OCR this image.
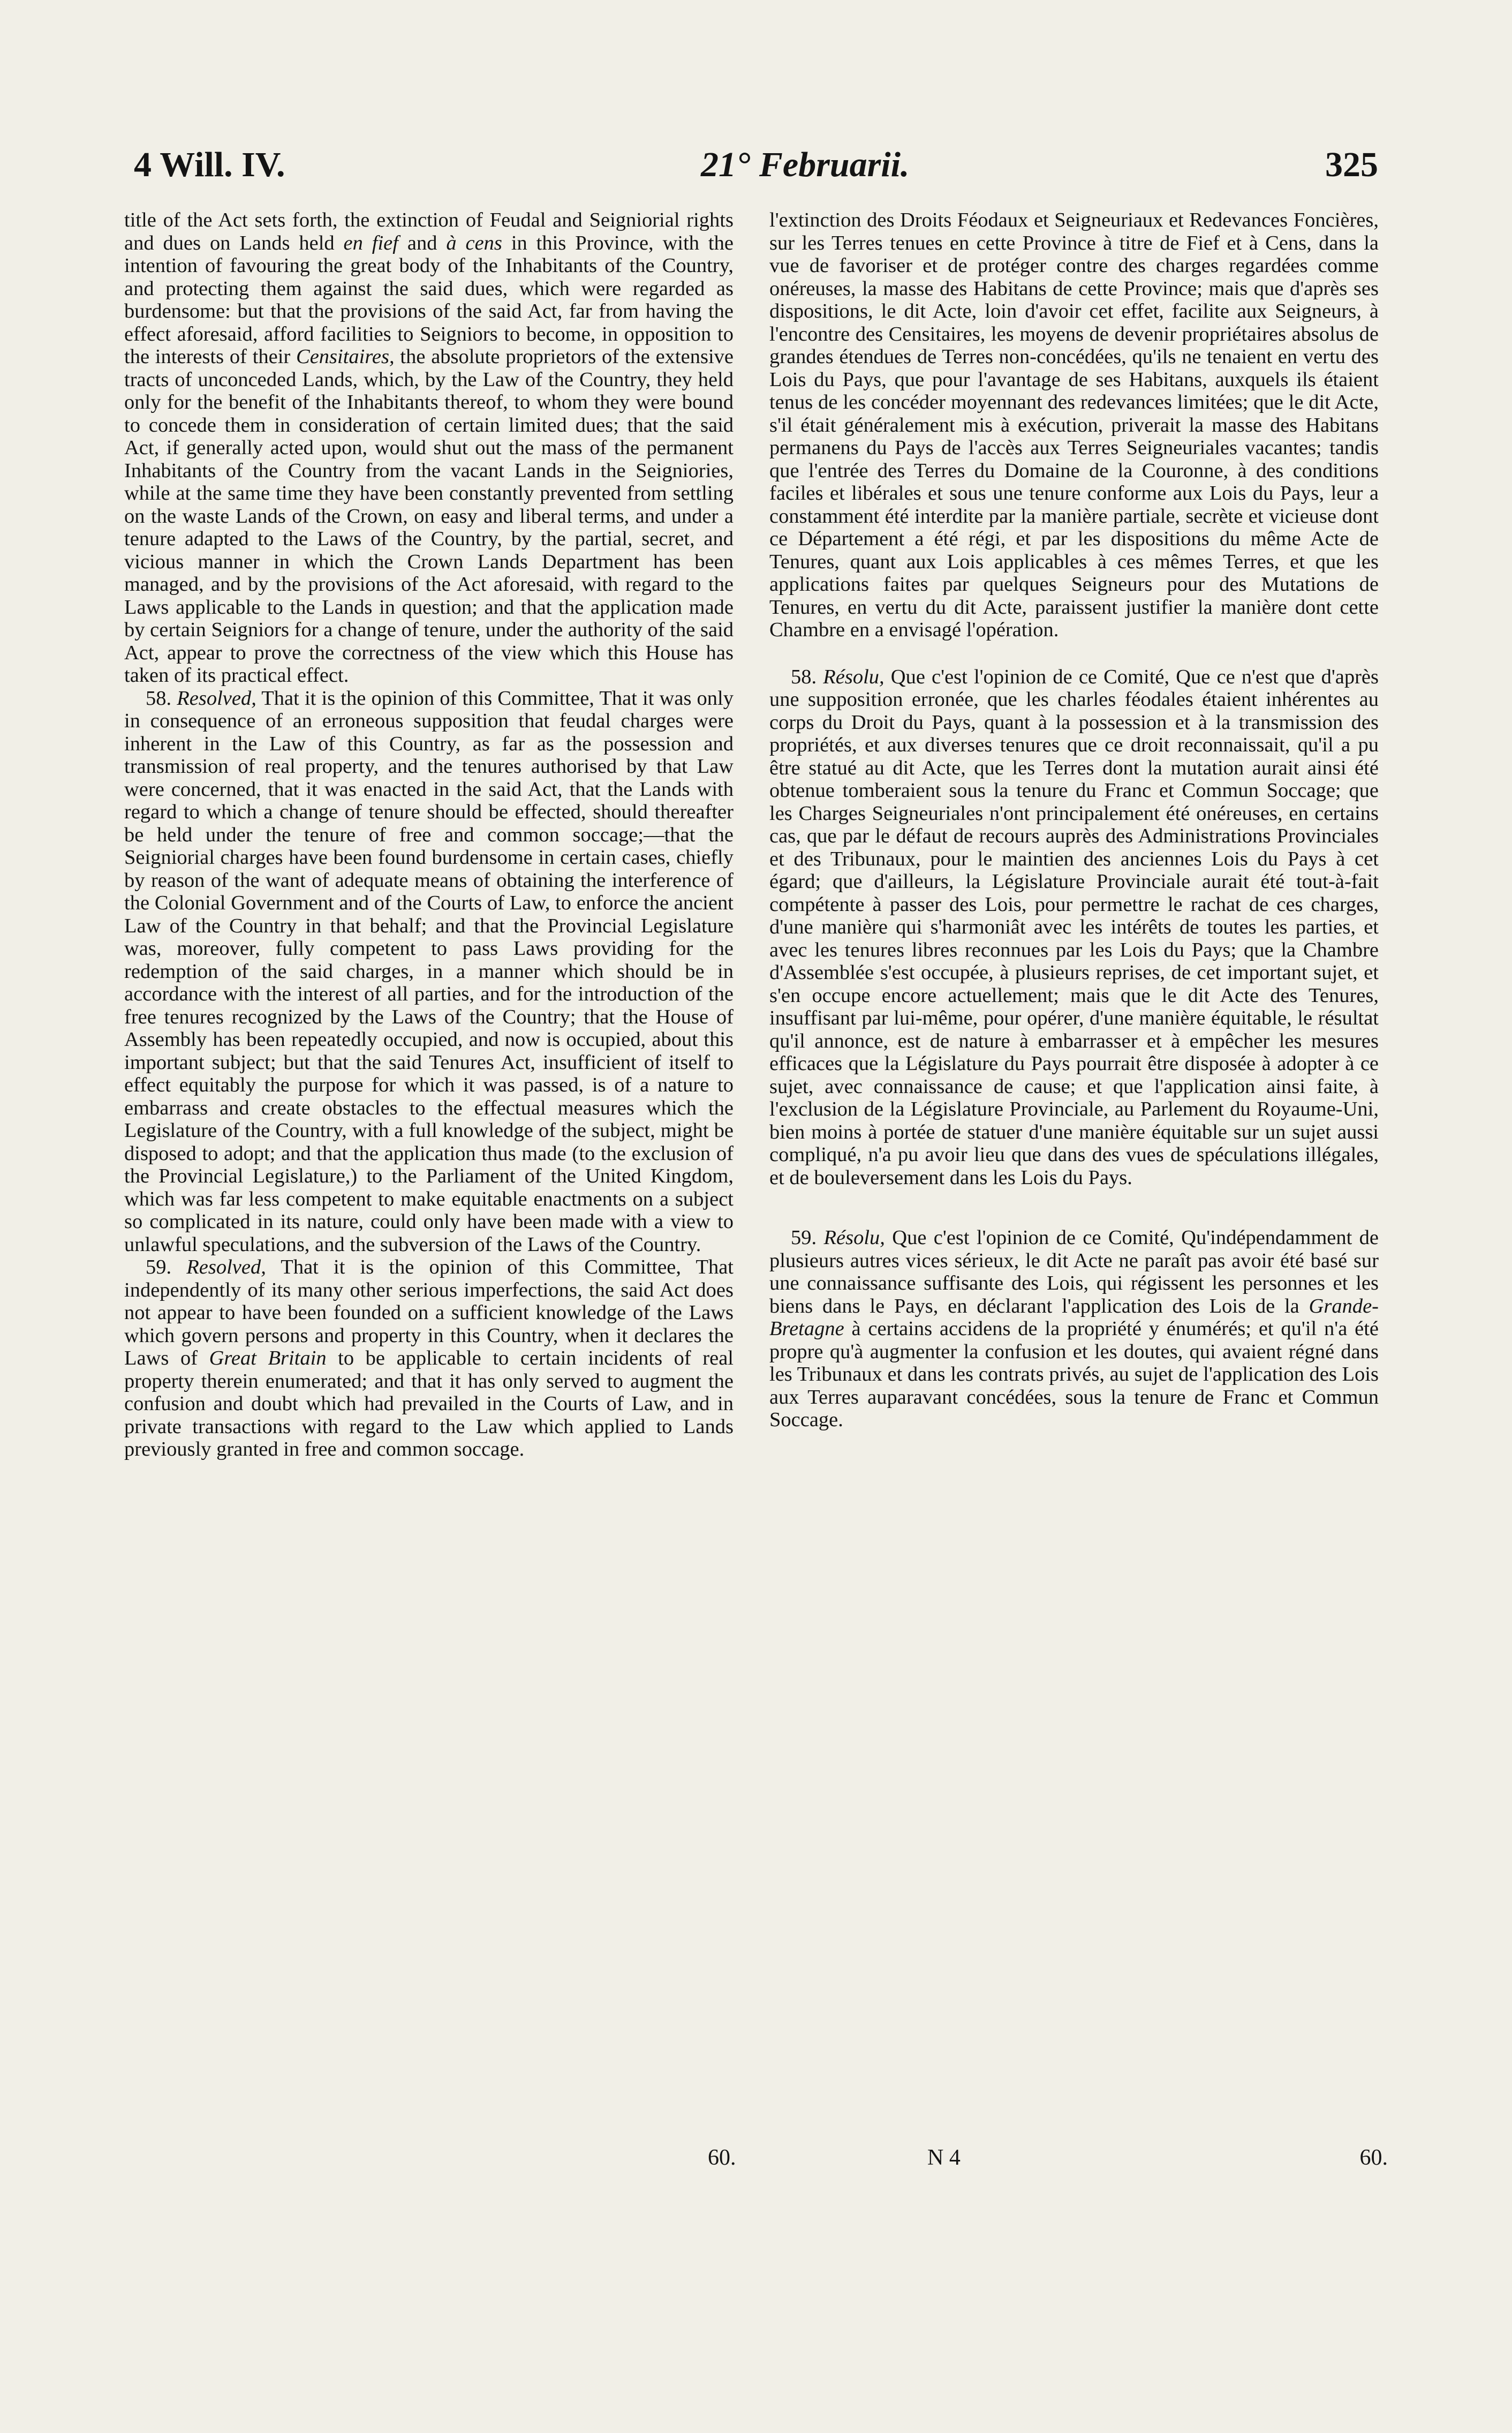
4 Will. IV.	21° Februarii.	325

title of the Act sets forth, the extinction of Feudal and Seigniorial rights and dues on Lands held en fief and à cens in this Province, with the intention of favouring the great body of the Inhabitants of the Country, and protecting them against the said dues, which were regarded as burdensome: but that the provisions of the said Act, far from having the effect aforesaid, afford facilities to Seigniors to become, in opposition to the interests of their Censitaires, the absolute proprietors of the extensive tracts of unconceded Lands, which, by the Law of the Country, they held only for the benefit of the Inhabitants thereof, to whom they were bound to concede them in consideration of certain limited dues; that the said Act, if generally acted upon, would shut out the mass of the permanent Inhabitants of the Country from the vacant Lands in the Seigniories, while at the same time they have been constantly prevented from settling on the waste Lands of the Crown, on easy and liberal terms, and under a tenure adapted to the Laws of the Country, by the partial, secret, and vicious manner in which the Crown Lands Department has been managed, and by the provisions of the Act aforesaid, with regard to the Laws applicable to the Lands in question; and that the application made by certain Seigniors for a change of tenure, under the authority of the said Act, appear to prove the correctness of the view which this House has taken of its practical effect.

58. Resolved, That it is the opinion of this Committee, That it was only in consequence of an erroneous supposition that feudal charges were inherent in the Law of this Country, as far as the possession and transmission of real property, and the tenures authorised by that Law were concerned, that it was enacted in the said Act, that the Lands with regard to which a change of tenure should be effected, should thereafter be held under the tenure of free and common soccage;—that the Seigniorial charges have been found burdensome in certain cases, chiefly by reason of the want of adequate means of obtaining the interference of the Colonial Government and of the Courts of Law, to enforce the ancient Law of the Country in that behalf; and that the Provincial Legislature was, moreover, fully competent to pass Laws providing for the redemption of the said charges, in a manner which should be in accordance with the interest of all parties, and for the introduction of the free tenures recognized by the Laws of the Country; that the House of Assembly has been repeatedly occupied, and now is occupied, about this important subject; but that the said Tenures Act, insufficient of itself to effect equitably the purpose for which it was passed, is of a nature to embarrass and create obstacles to the effectual measures which the Legislature of the Country, with a full knowledge of the subject, might be disposed to adopt; and that the application thus made (to the exclusion of the Provincial Legislature,) to the Parliament of the United Kingdom, which was far less competent to make equitable enactments on a subject so complicated in its nature, could only have been made with a view to unlawful speculations, and the subversion of the Laws of the Country.

59. Resolved, That it is the opinion of this Committee, That independently of its many other serious imperfections, the said Act does not appear to have been founded on a sufficient knowledge of the Laws which govern persons and property in this Country, when it declares the Laws of Great Britain to be applicable to certain incidents of real property therein enumerated; and that it has only served to augment the confusion and doubt which had prevailed in the Courts of Law, and in private transactions with regard to the Law which applied to Lands previously granted in free and common soccage.

l'extinction des Droits Féodaux et Seigneuriaux et Redevances Foncières, sur les Terres tenues en cette Province à titre de Fief et à Cens, dans la vue de favoriser et de protéger contre des charges regardées comme onéreuses, la masse des Habitans de cette Province; mais que d'après ses dispositions, le dit Acte, loin d'avoir cet effet, facilite aux Seigneurs, à l'encontre des Censitaires, les moyens de devenir propriétaires absolus de grandes étendues de Terres non-concédées, qu'ils ne tenaient en vertu des Lois du Pays, que pour l'avantage de ses Habitans, auxquels ils étaient tenus de les concéder moyennant des redevances limitées; que le dit Acte, s'il était généralement mis à exécution, priverait la masse des Habitans permanens du Pays de l'accès aux Terres Seigneuriales vacantes; tandis que l'entrée des Terres du Domaine de la Couronne, à des conditions faciles et libérales et sous une tenure conforme aux Lois du Pays, leur a constamment été interdite par la manière partiale, secrète et vicieuse dont ce Département a été régi, et par les dispositions du même Acte de Tenures, quant aux Lois applicables à ces mêmes Terres, et que les applications faites par quelques Seigneurs pour des Mutations de Tenures, en vertu du dit Acte, paraissent justifier la manière dont cette Chambre en a envisagé l'opération.

58. Résolu, Que c'est l'opinion de ce Comité, Que ce n'est que d'après une supposition erronée, que les charles féodales étaient inhérentes au corps du Droit du Pays, quant à la possession et à la transmission des propriétés, et aux diverses tenures que ce droit reconnaissait, qu'il a pu être statué au dit Acte, que les Terres dont la mutation aurait ainsi été obtenue tomberaient sous la tenure du Franc et Commun Soccage; que les Charges Seigneuriales n'ont principalement été onéreuses, en certains cas, que par le défaut de recours auprès des Administrations Provinciales et des Tribunaux, pour le maintien des anciennes Lois du Pays à cet égard; que d'ailleurs, la Législature Provinciale aurait été tout-à-fait compétente à passer des Lois, pour permettre le rachat de ces charges, d'une manière qui s'harmoniât avec les intérêts de toutes les parties, et avec les tenures libres reconnues par les Lois du Pays; que la Chambre d'Assemblée s'est occupée, à plusieurs reprises, de cet important sujet, et s'en occupe encore actuellement; mais que le dit Acte des Tenures, insuffisant par lui-même, pour opérer, d'une manière équitable, le résultat qu'il annonce, est de nature à embarrasser et à empêcher les mesures efficaces que la Législature du Pays pourrait être disposée à adopter à ce sujet, avec connaissance de cause; et que l'application ainsi faite, à l'exclusion de la Législature Provinciale, au Parlement du Royaume-Uni, bien moins à portée de statuer d'une manière équitable sur un sujet aussi compliqué, n'a pu avoir lieu que dans des vues de spéculations illégales, et de bouleversement dans les Lois du Pays.

59. Résolu, Que c'est l'opinion de ce Comité, Qu'indépendamment de plusieurs autres vices sérieux, le dit Acte ne paraît pas avoir été basé sur une connaissance suffisante des Lois, qui régissent les personnes et les biens dans le Pays, en déclarant l'application des Lois de la Grande-Bretagne à certains accidens de la propriété y énumérés; et qu'il n'a été propre qu'à augmenter la confusion et les doutes, qui avaient régné dans les Tribunaux et dans les contrats privés, au sujet de l'application des Lois aux Terres auparavant concédées, sous la tenure de Franc et Commun Soccage.

60.	N 4	60.
